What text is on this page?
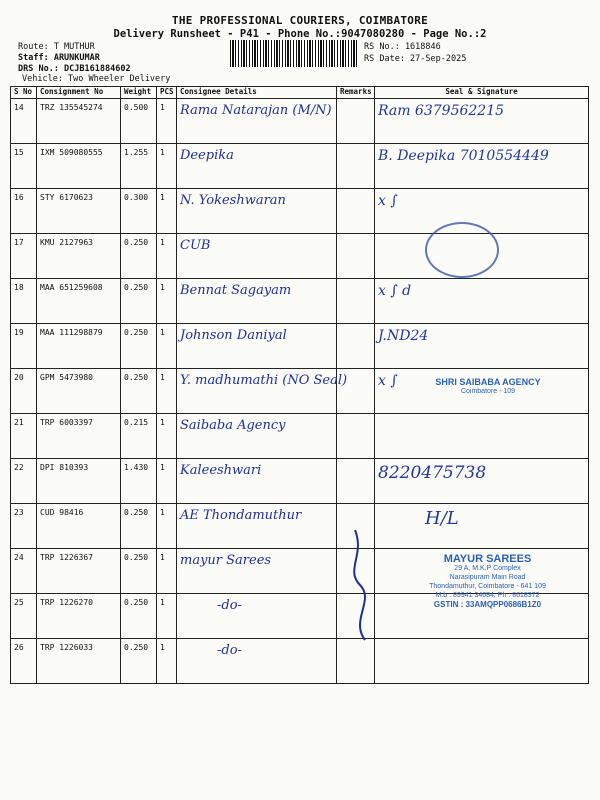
THE PROFESSIONAL COURIERS, COIMBATORE
Delivery Runsheet - P41 - Phone No.:9047080280 - Page No.:2
Route: T MUTHUR
Staff: ARUNKUMAR
DRS No.: DCJB161884602
Vehicle: Two Wheeler Delivery
RS No.: 1618846
RS Date: 27-Sep-2025
S No	Consignment No	Weight	PCS	Consignee Details	Remarks	Seal & Signature
14	TRZ 135545274	0.500	1	Rama Natarajan (M/N)		Ram 6379562215
15	IXM 509080555	1.255	1	Deepika		B. Deepika 7010554449
16	STY 6170623	0.300	1	N. Yokeshwaran		x ∫
17	KMU 2127963	0.250	1	CUB		
18	MAA 651259608	0.250	1	Bennat Sagayam		x ∫ d
19	MAA 111298879	0.250	1	Johnson Daniyal		J.ND24
20	GPM 5473980	0.250	1	Y. madhumathi (NO Seal)		x ∫
21	TRP 6003397	0.215	1	Saibaba Agency		
22	DPI 810393	1.430	1	Kaleeshwari		8220475738
23	CUD 98416	0.250	1	AE Thondamuthur		H/L
24	TRP 1226367	0.250	1	mayur Sarees		
25	TRP 1226270	0.250	1	-do-		
26	TRP 1226033	0.250	1	-do-		
SHRI SAIBABA AGENCY
Coimbatore - 109
MAYUR SAREES
29 A, M.K.P Complex
Narasipuram Main Road
Thondamuthur, Coimbatore - 641 109
M.b : 89941 34684, Ph : 8618372
GSTIN : 33AMQPP0686B1Z0
